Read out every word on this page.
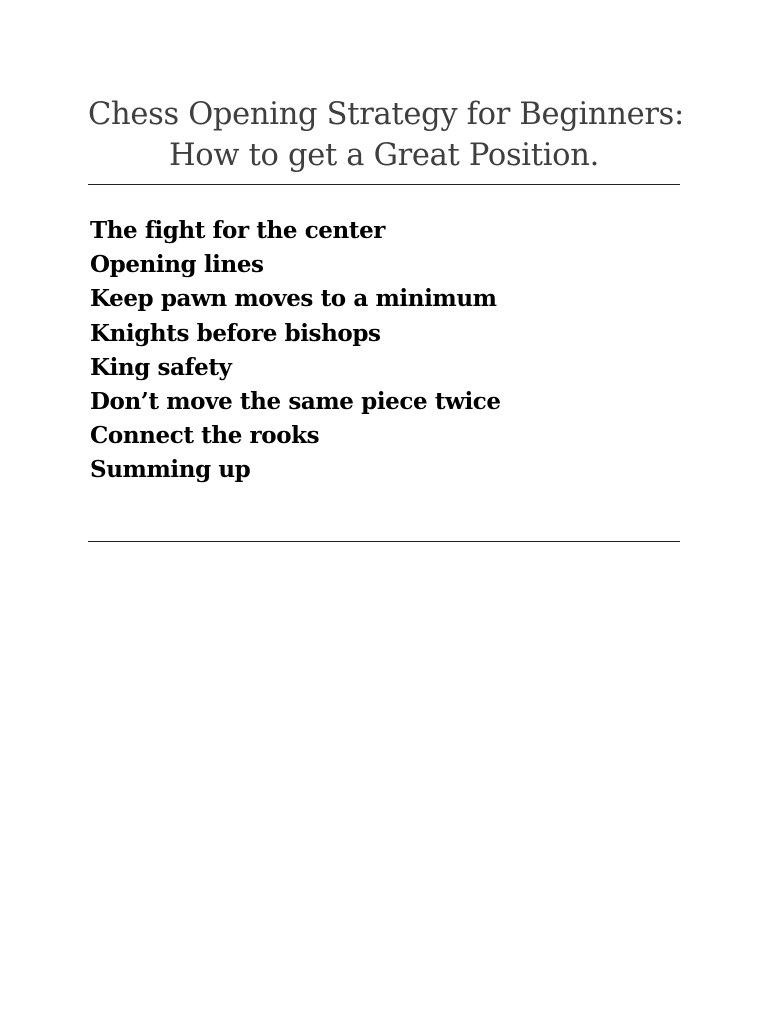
Chess Opening Strategy for Beginners:
How to get a Great Position.
The fight for the center
Opening lines
Keep pawn moves to a minimum
Knights before bishops
King safety
Don’t move the same piece twice
Connect the rooks
Summing up
